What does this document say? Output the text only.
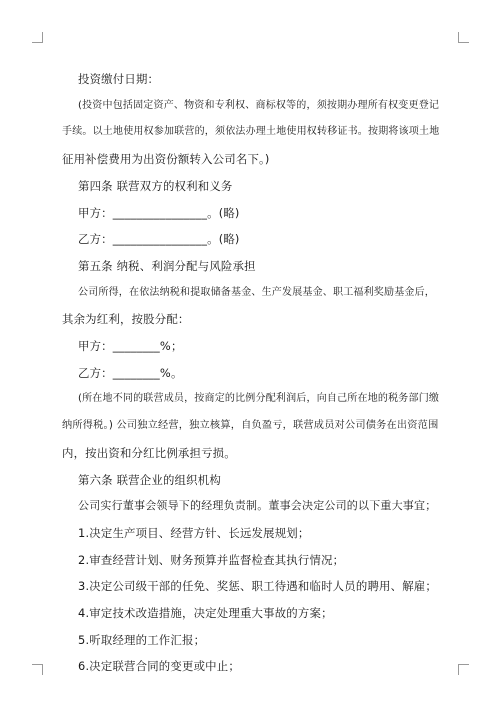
投资缴付日期：

(投资中包括固定资产、物资和专利权、商标权等的，须按期办理所有权变更登记

手续。以土地使用权参加联营的，须依法办理土地使用权转移证书。按期将该项土地

征用补偿费用为出资份额转入公司名下。)

第四条 联营双方的权利和义务

甲方：________________。(略)

乙方：________________。(略)

第五条 纳税、利润分配与风险承担

公司所得，在依法纳税和提取储备基金、生产发展基金、职工福利奖励基金后，

其余为红利，按股分配：

甲方：________%；

乙方：________%。

(所在地不同的联营成员，按商定的比例分配利润后，向自己所在地的税务部门缴

纳所得税。) 公司独立经营，独立核算，自负盈亏，联营成员对公司债务在出资范围

内，按出资和分红比例承担亏损。

第六条 联营企业的组织机构

公司实行董事会领导下的经理负责制。董事会决定公司的以下重大事宜；

1.决定生产项目、经营方针、长远发展规划；

2.审查经营计划、财务预算并监督检查其执行情况；

3.决定公司级干部的任免、奖惩、职工待遇和临时人员的聘用、解雇；

4.审定技术改造措施，决定处理重大事故的方案；

5.听取经理的工作汇报；

6.决定联营合同的变更或中止；
